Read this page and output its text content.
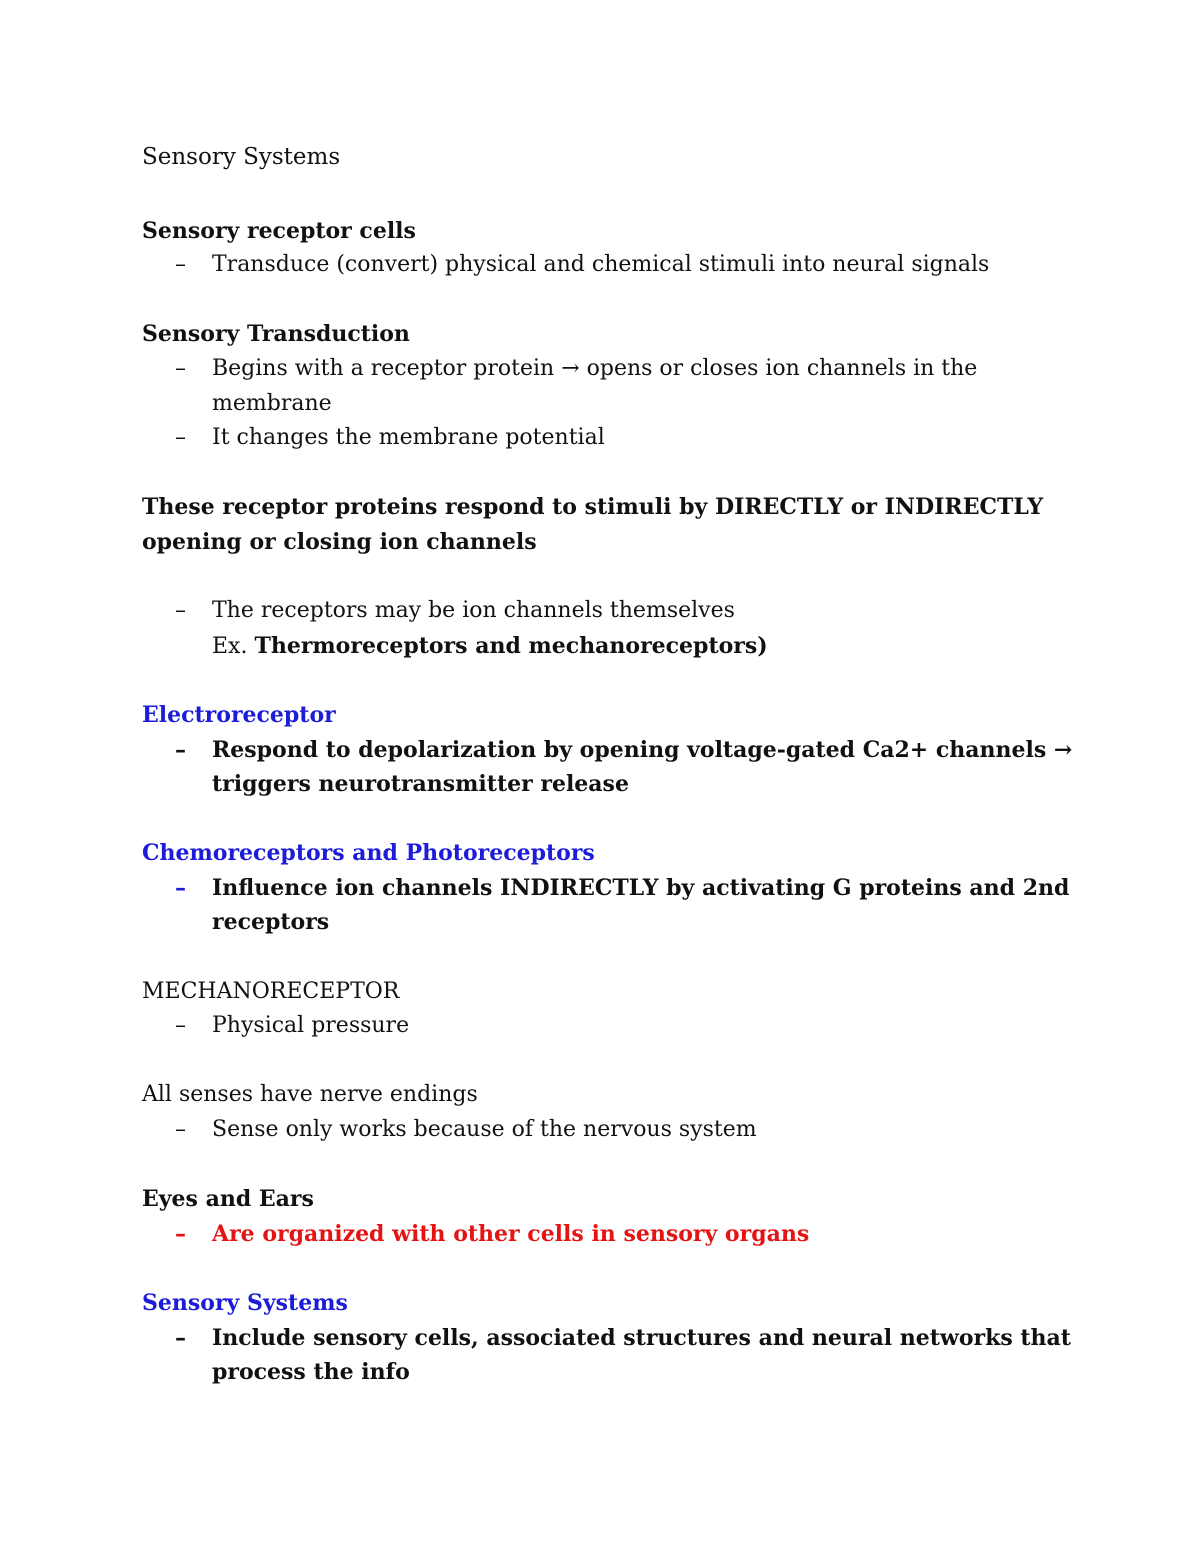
Sensory Systems
Sensory receptor cells
– Transduce (convert) physical and chemical stimuli into neural signals
Sensory Transduction
– Begins with a receptor protein → opens or closes ion channels in the
membrane
– It changes the membrane potential
These receptor proteins respond to stimuli by DIRECTLY or INDIRECTLY
opening or closing ion channels
– The receptors may be ion channels themselves
Ex. Thermoreceptors and mechanoreceptors)
Electroreceptor
– Respond to depolarization by opening voltage-gated Ca2+ channels →
triggers neurotransmitter release
Chemoreceptors and Photoreceptors
– Influence ion channels INDIRECTLY by activating G proteins and 2nd
receptors
MECHANORECEPTOR
– Physical pressure
All senses have nerve endings
– Sense only works because of the nervous system
Eyes and Ears
– Are organized with other cells in sensory organs
Sensory Systems
– Include sensory cells, associated structures and neural networks that
process the info
